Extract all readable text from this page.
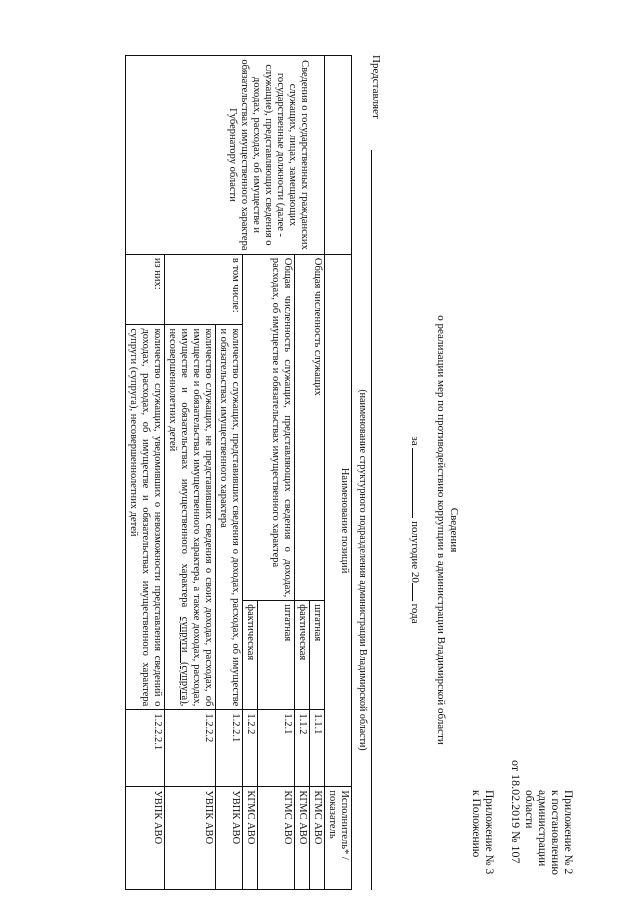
Приложение № 2
к постановлению
администрации области
от 18.02.2019 № 107
Приложение № 3
к Положению
Сведения
о реализации мер по противодействию коррупции в администрации Владимирской области
за  полугодие 20 года
Представляет
(наименование структурного подразделения администрации Владимирской области)
	Наименование позиций				Исполнитель* /показатель
Сведения о государственных гражданских служащих, лицах, замещающих государственные должности (далее - служащие), представляющих сведения о доходах, расходах, об имуществе и обязательствах имущественного характера Губернатору области	Общая численность служащих		штатная	1.1.1	КГМС АВО
			фактическая	1.1.2	КГМС АВО
	Общая численность служащих, представляющих сведения о доходах, расходах, об имуществе и обязательствах имущественного характера		штатная	1.2.1	КГМС АВО
			фактическая	1.2.2	КГМС АВО
	в том числе:	количество служащих, представивших сведения о доходах, расходах, об имуществе и обязательствах имущественного характера		1.2.2.1	УВПК АВО
		количество служащих, не представивших сведения о своих доходах, расходах, об имуществе и обязательствах имущественного характера, а также доходах, расходах, имуществе и обязательствах имущественного характера супруги (супруга), несовершеннолетних детей		1.2.2.2	УВПК АВО
	из них:	количество служащих, уведомивших о невозможности представления сведений о доходах, расходах, об имуществе и обязательствах имущественного характера супруги (супруга), несовершеннолетних детей		1.2.2.2.1	УВПК АВО
